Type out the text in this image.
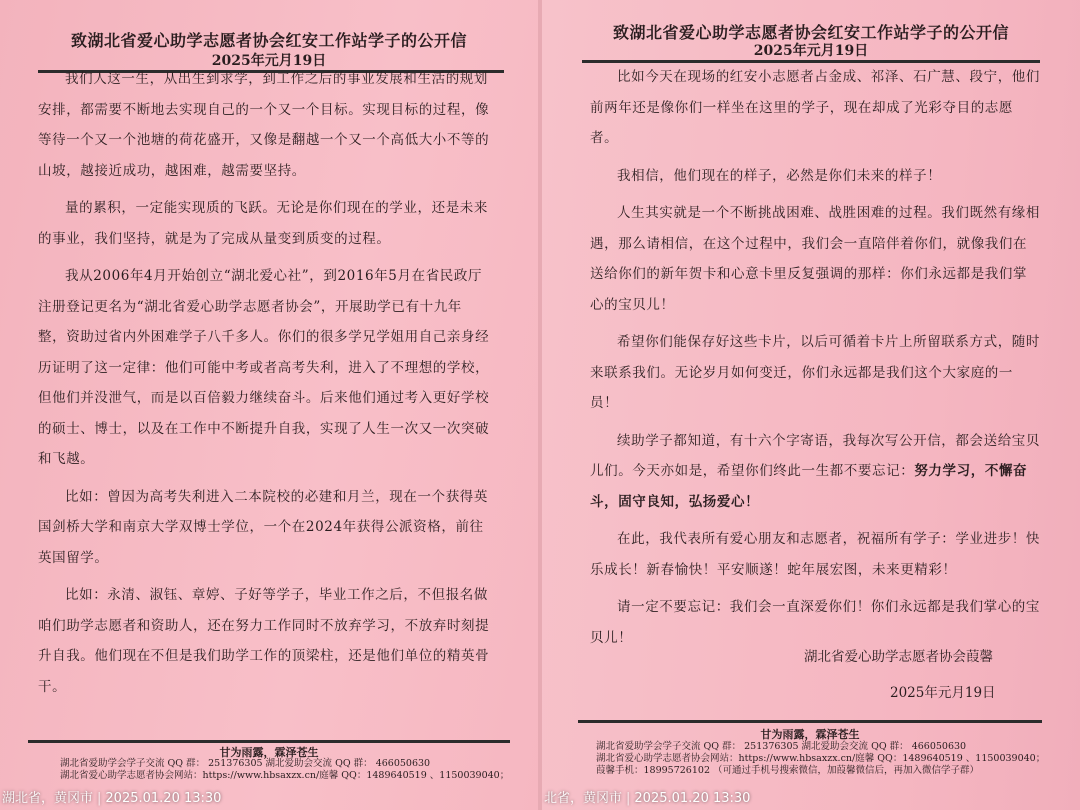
致湖北省爱心助学志愿者协会红安工作站学子的公开信
2025年元月19日

我们人这一生，从出生到求学，到工作之后的事业发展和生活的规划安排，都需要不断地去实现自己的一个又一个目标。实现目标的过程，像等待一个又一个池塘的荷花盛开，又像是翻越一个又一个高低大小不等的山坡，越接近成功，越困难，越需要坚持。

量的累积，一定能实现质的飞跃。无论是你们现在的学业，还是未来的事业，我们坚持，就是为了完成从量变到质变的过程。

我从2006年4月开始创立“湖北爱心社”，到2016年5月在省民政厅注册登记更名为“湖北省爱心助学志愿者协会”，开展助学已有十九年整，资助过省内外困难学子八千多人。你们的很多学兄学姐用自己亲身经历证明了这一定律：他们可能中考或者高考失利，进入了不理想的学校，但他们并没泄气，而是以百倍毅力继续奋斗。后来他们通过考入更好学校的硕士、博士，以及在工作中不断提升自我，实现了人生一次又一次突破和飞越。

比如：曾因为高考失利进入二本院校的必建和月兰，现在一个获得英国剑桥大学和南京大学双博士学位，一个在2024年获得公派资格，前往英国留学。

比如：永清、淑钰、章婷、子好等学子，毕业工作之后，不但报名做咱们助学志愿者和资助人，还在努力工作同时不放弃学习，不放弃时刻提升自我。他们现在不但是我们助学工作的顶梁柱，还是他们单位的精英骨干。

甘为雨露，霖泽苍生
湖北省爱助学会学子交流 QQ 群： 251376305 湖北爱助会交流 QQ 群： 466050630
湖北省爱心助学志愿者协会网站：https://www.hbsaxzx.cn/庭馨 QQ：1489640519 、1150039040；
湖北省，黄冈市 | 2025.01.20 13:30
致湖北省爱心助学志愿者协会红安工作站学子的公开信
2025年元月19日

比如今天在现场的红安小志愿者占金成、祁泽、石广慧、段宁，他们前两年还是像你们一样坐在这里的学子，现在却成了光彩夺目的志愿者。

我相信，他们现在的样子，必然是你们未来的样子！

人生其实就是一个不断挑战困难、战胜困难的过程。我们既然有缘相遇，那么请相信，在这个过程中，我们会一直陪伴着你们，就像我们在送给你们的新年贺卡和心意卡里反复强调的那样：你们永远都是我们掌心的宝贝儿！

希望你们能保存好这些卡片，以后可循着卡片上所留联系方式，随时来联系我们。无论岁月如何变迁，你们永远都是我们这个大家庭的一员！

续助学子都知道，有十六个字寄语，我每次写公开信，都会送给宝贝儿们。今天亦如是，希望你们终此一生都不要忘记：努力学习，不懈奋斗，固守良知，弘扬爱心！

在此，我代表所有爱心朋友和志愿者，祝福所有学子：学业进步！快乐成长！新春愉快！平安顺遂！蛇年展宏图，未来更精彩！

请一定不要忘记：我们会一直深爱你们！你们永远都是我们掌心的宝贝儿！

湖北省爱心助学志愿者协会葭馨
2025年元月19日
甘为雨露，霖泽苍生
湖北省爱助学会学子交流 QQ 群： 251376305 湖北爱助会交流 QQ 群： 466050630
湖北省爱心助学志愿者协会网站：https://www.hbsaxzx.cn/庭馨 QQ：1489640519 、1150039040；
葭馨手机：18995726102 （可通过手机号搜索微信，加葭馨微信后，再加入微信学子群）
北省，黄冈市 | 2025.01.20 13:30
